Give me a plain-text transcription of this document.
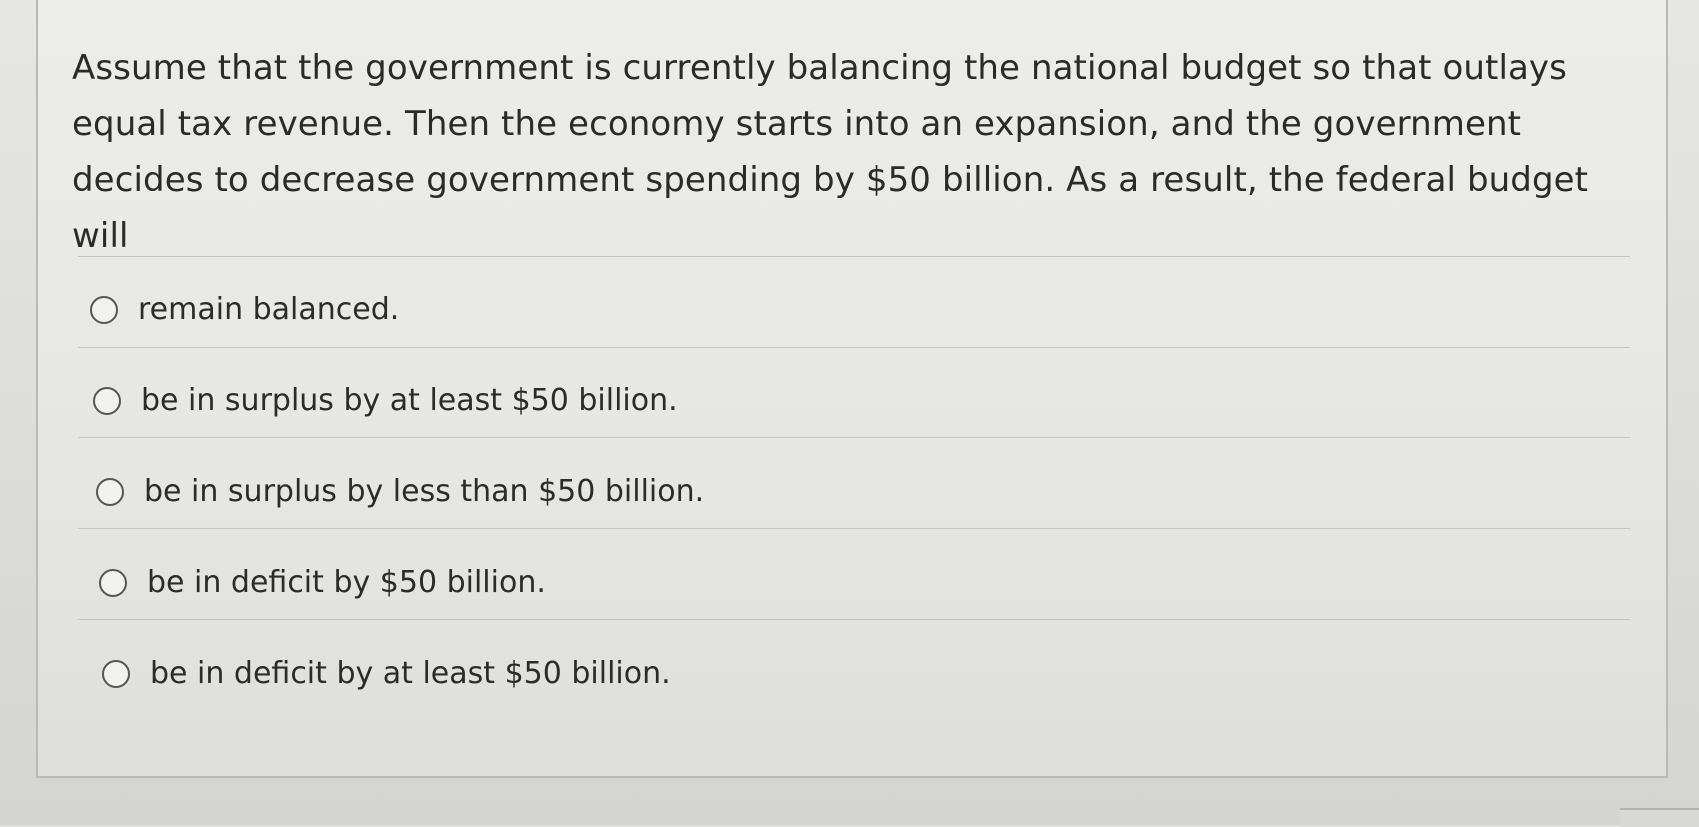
Assume that the government is currently balancing the national budget so that outlays equal tax revenue. Then the economy starts into an expansion, and the government decides to decrease government spending by $50 billion. As a result, the federal budget will

remain balanced.
be in surplus by at least $50 billion.
be in surplus by less than $50 billion.
be in deficit by $50 billion.
be in deficit by at least $50 billion.
